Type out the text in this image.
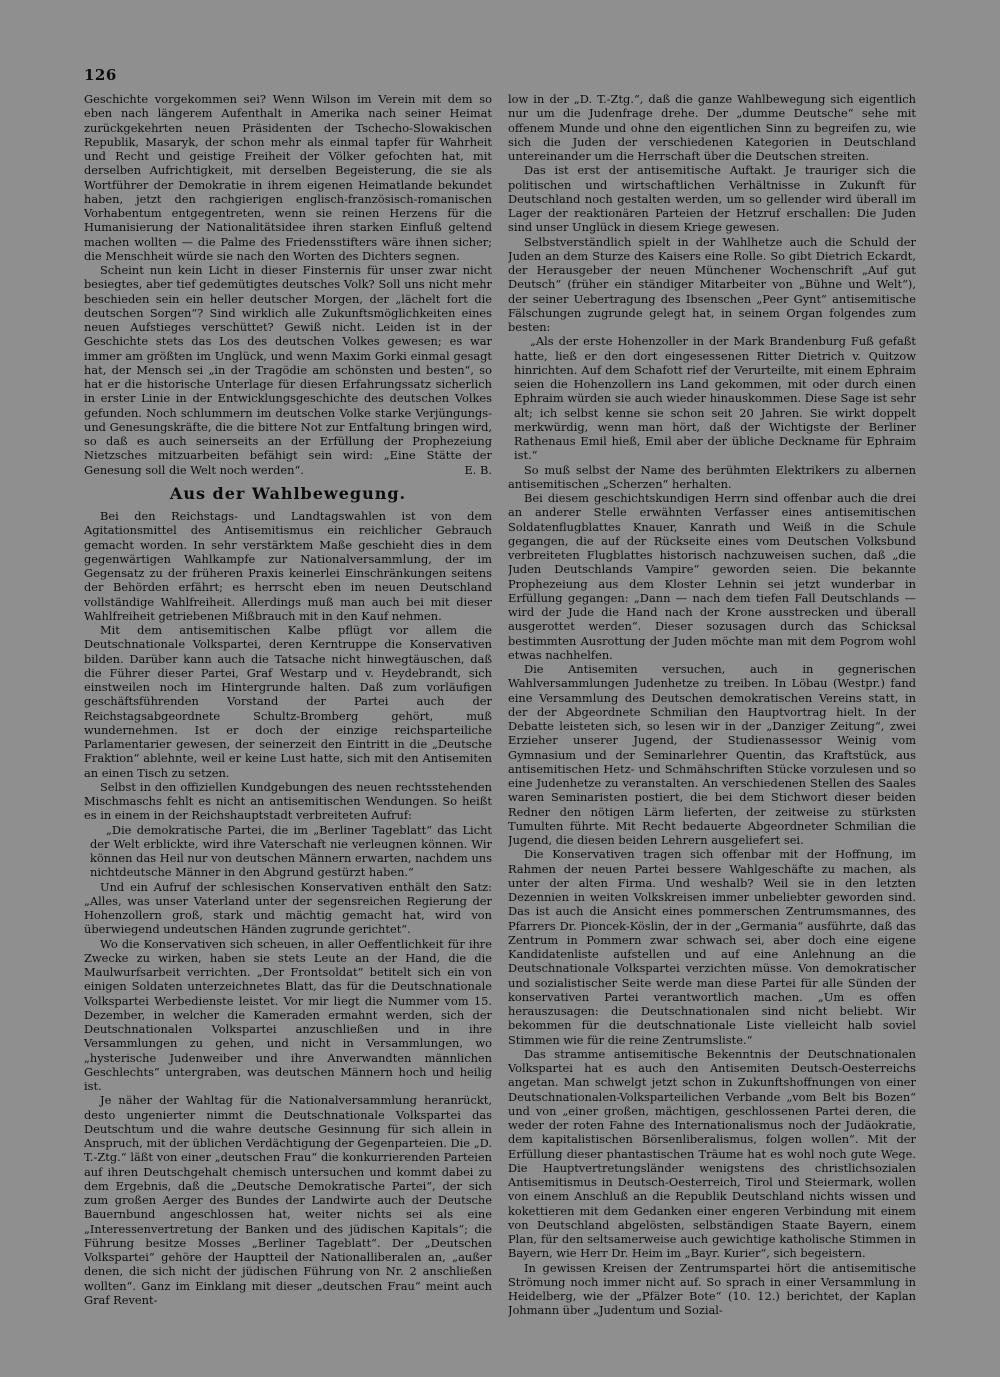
126

Geschichte vorgekommen sei? Wenn Wilson im Verein mit dem so eben nach längerem Aufenthalt in Amerika nach seiner Heimat zurückgekehrten neuen Präsidenten der Tschecho-Slowakischen Republik, Masaryk, der schon mehr als einmal tapfer für Wahrheit und Recht und geistige Freiheit der Völker gefochten hat, mit derselben Aufrichtigkeit, mit derselben Begeisterung, die sie als Wortführer der Demokratie in ihrem eigenen Heimatlande bekundet haben, jetzt den rachgierigen englisch-französisch-romanischen Vorhabentum entgegentreten, wenn sie reinen Herzens für die Humanisierung der Nationalitätsidee ihren starken Einfluß geltend machen wollten — die Palme des Friedensstifters wäre ihnen sicher; die Menschheit würde sie nach den Worten des Dichters segnen.

Scheint nun kein Licht in dieser Finsternis für unser zwar nicht besiegtes, aber tief gedemütigtes deutsches Volk? Soll uns nicht mehr beschieden sein ein heller deutscher Morgen, der „lächelt fort die deutschen Sorgen“? Sind wirklich alle Zukunftsmöglichkeiten eines neuen Aufstieges verschüttet? Gewiß nicht. Leiden ist in der Geschichte stets das Los des deutschen Volkes gewesen; es war immer am größten im Unglück, und wenn Maxim Gorki einmal gesagt hat, der Mensch sei „in der Tragödie am schönsten und besten“, so hat er die historische Unterlage für diesen Erfahrungssatz sicherlich in erster Linie in der Entwicklungsgeschichte des deutschen Volkes gefunden. Noch schlummern im deutschen Volke starke Verjüngungs- und Genesungskräfte, die die bittere Not zur Entfaltung bringen wird, so daß es auch seinerseits an der Erfüllung der Prophezeiung Nietzsches mitzuarbeiten befähigt sein wird: „Eine Stätte der Genesung soll die Welt noch werden“.	E. B.

Aus der Wahlbewegung.

Bei den Reichstags- und Landtagswahlen ist von dem Agitationsmittel des Antisemitismus ein reichlicher Gebrauch gemacht worden. In sehr verstärktem Maße geschieht dies in dem gegenwärtigen Wahlkampfe zur Nationalversammlung, der im Gegensatz zu der früheren Praxis keinerlei Einschränkungen seitens der Behörden erfährt; es herrscht eben im neuen Deutschland vollständige Wahlfreiheit. Allerdings muß man auch bei mit dieser Wahlfreiheit getriebenen Mißbrauch mit in den Kauf nehmen.

Mit dem antisemitischen Kalbe pflügt vor allem die Deutschnationale Volkspartei, deren Kerntruppe die Konservativen bilden. Darüber kann auch die Tatsache nicht hinwegtäuschen, daß die Führer dieser Partei, Graf Westarp und v. Heydebrandt, sich einstweilen noch im Hintergrunde halten. Daß zum vorläufigen geschäftsführenden Vorstand der Partei auch der Reichstagsabgeordnete Schultz-Bromberg gehört, muß wundernehmen. Ist er doch der einzige reichsparteiliche Parlamentarier gewesen, der seinerzeit den Eintritt in die „Deutsche Fraktion“ ablehnte, weil er keine Lust hatte, sich mit den Antisemiten an einen Tisch zu setzen.

Selbst in den offiziellen Kundgebungen des neuen rechtsstehenden Mischmaschs fehlt es nicht an antisemitischen Wendungen. So heißt es in einem in der Reichshauptstadt verbreiteten Aufruf:

„Die demokratische Partei, die im „Berliner Tageblatt“ das Licht der Welt erblickte, wird ihre Vaterschaft nie verleugnen können. Wir können das Heil nur von deutschen Männern erwarten, nachdem uns nichtdeutsche Männer in den Abgrund gestürzt haben.“

Und ein Aufruf der schlesischen Konservativen enthält den Satz: „Alles, was unser Vaterland unter der segensreichen Regierung der Hohenzollern groß, stark und mächtig gemacht hat, wird von überwiegend undeutschen Händen zugrunde gerichtet“.

Wo die Konservativen sich scheuen, in aller Oeffentlichkeit für ihre Zwecke zu wirken, haben sie stets Leute an der Hand, die die Maulwurfsarbeit verrichten. „Der Frontsoldat“ betitelt sich ein von einigen Soldaten unterzeichnetes Blatt, das für die Deutschnationale Volkspartei Werbedienste leistet. Vor mir liegt die Nummer vom 15. Dezember, in welcher die Kameraden ermahnt werden, sich der Deutschnationalen Volkspartei anzuschließen und in ihre Versammlungen zu gehen, und nicht in Versammlungen, wo „hysterische Judenweiber und ihre Anverwandten männlichen Geschlechts“ untergraben, was deutschen Männern hoch und heilig ist.

Je näher der Wahltag für die Nationalversammlung heranrückt, desto ungenierter nimmt die Deutschnationale Volkspartei das Deutschtum und die wahre deutsche Gesinnung für sich allein in Anspruch, mit der üblichen Verdächtigung der Gegenparteien. Die „D. T.-Ztg.“ läßt von einer „deutschen Frau“ die konkurrierenden Parteien auf ihren Deutschgehalt chemisch untersuchen und kommt dabei zu dem Ergebnis, daß die „Deutsche Demokratische Partei“, der sich zum großen Aerger des Bundes der Landwirte auch der Deutsche Bauernbund angeschlossen hat, weiter nichts sei als eine „Interessenvertretung der Banken und des jüdischen Kapitals“; die Führung besitze Mosses „Berliner Tageblatt“. Der „Deutschen Volkspartei“ gehöre der Hauptteil der Nationalliberalen an, „außer denen, die sich nicht der jüdischen Führung von Nr. 2 anschließen wollten“. Ganz im Einklang mit dieser „deutschen Frau“ meint auch Graf Revent-

low in der „D. T.-Ztg.“, daß die ganze Wahlbewegung sich eigentlich nur um die Judenfrage drehe. Der „dumme Deutsche“ sehe mit offenem Munde und ohne den eigentlichen Sinn zu begreifen zu, wie sich die Juden der verschiedenen Kategorien in Deutschland untereinander um die Herrschaft über die Deutschen streiten.

Das ist erst der antisemitische Auftakt. Je trauriger sich die politischen und wirtschaftlichen Verhältnisse in Zukunft für Deutschland noch gestalten werden, um so gellender wird überall im Lager der reaktionären Parteien der Hetzruf erschallen: Die Juden sind unser Unglück in diesem Kriege gewesen.

Selbstverständlich spielt in der Wahlhetze auch die Schuld der Juden an dem Sturze des Kaisers eine Rolle. So gibt Dietrich Eckardt, der Herausgeber der neuen Münchener Wochenschrift „Auf gut Deutsch“ (früher ein ständiger Mitarbeiter von „Bühne und Welt“), der seiner Uebertragung des Ibsenschen „Peer Gynt“ antisemitische Fälschungen zugrunde gelegt hat, in seinem Organ folgendes zum besten:

„Als der erste Hohenzoller in der Mark Brandenburg Fuß gefaßt hatte, ließ er den dort eingesessenen Ritter Dietrich v. Quitzow hinrichten. Auf dem Schafott rief der Verurteilte, mit einem Ephraim seien die Hohenzollern ins Land gekommen, mit oder durch einen Ephraim würden sie auch wieder hinauskommen. Diese Sage ist sehr alt; ich selbst kenne sie schon seit 20 Jahren. Sie wirkt doppelt merkwürdig, wenn man hört, daß der Wichtigste der Berliner Rathenaus Emil hieß, Emil aber der übliche Deckname für Ephraim ist.“

So muß selbst der Name des berühmten Elektrikers zu albernen antisemitischen „Scherzen“ herhalten.

Bei diesem geschichtskundigen Herrn sind offenbar auch die drei an anderer Stelle erwähnten Verfasser eines antisemitischen Soldatenflugblattes Knauer, Kanrath und Weiß in die Schule gegangen, die auf der Rückseite eines vom Deutschen Volksbund verbreiteten Flugblattes historisch nachzuweisen suchen, daß „die Juden Deutschlands Vampire“ geworden seien. Die bekannte Prophezeiung aus dem Kloster Lehnin sei jetzt wunderbar in Erfüllung gegangen: „Dann — nach dem tiefen Fall Deutschlands — wird der Jude die Hand nach der Krone ausstrecken und überall ausgerottet werden“. Dieser sozusagen durch das Schicksal bestimmten Ausrottung der Juden möchte man mit dem Pogrom wohl etwas nachhelfen.

Die Antisemiten versuchen, auch in gegnerischen Wahlversammlungen Judenhetze zu treiben. In Löbau (Westpr.) fand eine Versammlung des Deutschen demokratischen Vereins statt, in der der Abgeordnete Schmilian den Hauptvortrag hielt. In der Debatte leisteten sich, so lesen wir in der „Danziger Zeitung“, zwei Erzieher unserer Jugend, der Studienassessor Weinig vom Gymnasium und der Seminarlehrer Quentin, das Kraftstück, aus antisemitischen Hetz- und Schmähschriften Stücke vorzulesen und so eine Judenhetze zu veranstalten. An verschiedenen Stellen des Saales waren Seminaristen postiert, die bei dem Stichwort dieser beiden Redner den nötigen Lärm lieferten, der zeitweise zu stürksten Tumulten führte. Mit Recht bedauerte Abgeordneter Schmilian die Jugend, die diesen beiden Lehrern ausgeliefert sei.

Die Konservativen tragen sich offenbar mit der Hoffnung, im Rahmen der neuen Partei bessere Wahlgeschäfte zu machen, als unter der alten Firma. Und weshalb? Weil sie in den letzten Dezennien in weiten Volkskreisen immer unbeliebter geworden sind. Das ist auch die Ansicht eines pommerschen Zentrumsmannes, des Pfarrers Dr. Pioncek-Köslin, der in der „Germania“ ausführte, daß das Zentrum in Pommern zwar schwach sei, aber doch eine eigene Kandidatenliste aufstellen und auf eine Anlehnung an die Deutschnationale Volkspartei verzichten müsse. Von demokratischer und sozialistischer Seite werde man diese Partei für alle Sünden der konservativen Partei verantwortlich machen. „Um es offen herauszusagen: die Deutschnationalen sind nicht beliebt. Wir bekommen für die deutschnationale Liste vielleicht halb soviel Stimmen wie für die reine Zentrumsliste.“

Das stramme antisemitische Bekenntnis der Deutschnationalen Volkspartei hat es auch den Antisemiten Deutsch-Oesterreichs angetan. Man schwelgt jetzt schon in Zukunftshoffnungen von einer Deutschnationalen-Volksparteilichen Verbande „vom Belt bis Bozen“ und von „einer großen, mächtigen, geschlossenen Partei deren, die weder der roten Fahne des Internationalismus noch der Judäokratie, dem kapitalistischen Börsenliberalismus, folgen wollen“. Mit der Erfüllung dieser phantastischen Träume hat es wohl noch gute Wege. Die Hauptvertretungsländer wenigstens des christlichsozialen Antisemitismus in Deutsch-Oesterreich, Tirol und Steiermark, wollen von einem Anschluß an die Republik Deutschland nichts wissen und kokettieren mit dem Gedanken einer engeren Verbindung mit einem von Deutschland abgelösten, selbständigen Staate Bayern, einem Plan, für den seltsamerweise auch gewichtige katholische Stimmen in Bayern, wie Herr Dr. Heim im „Bayr. Kurier“, sich begeistern.

In gewissen Kreisen der Zentrumspartei hört die antisemitische Strömung noch immer nicht auf. So sprach in einer Versammlung in Heidelberg, wie der „Pfälzer Bote“ (10. 12.) berichtet, der Kaplan Johmann über „Judentum und Sozial-
